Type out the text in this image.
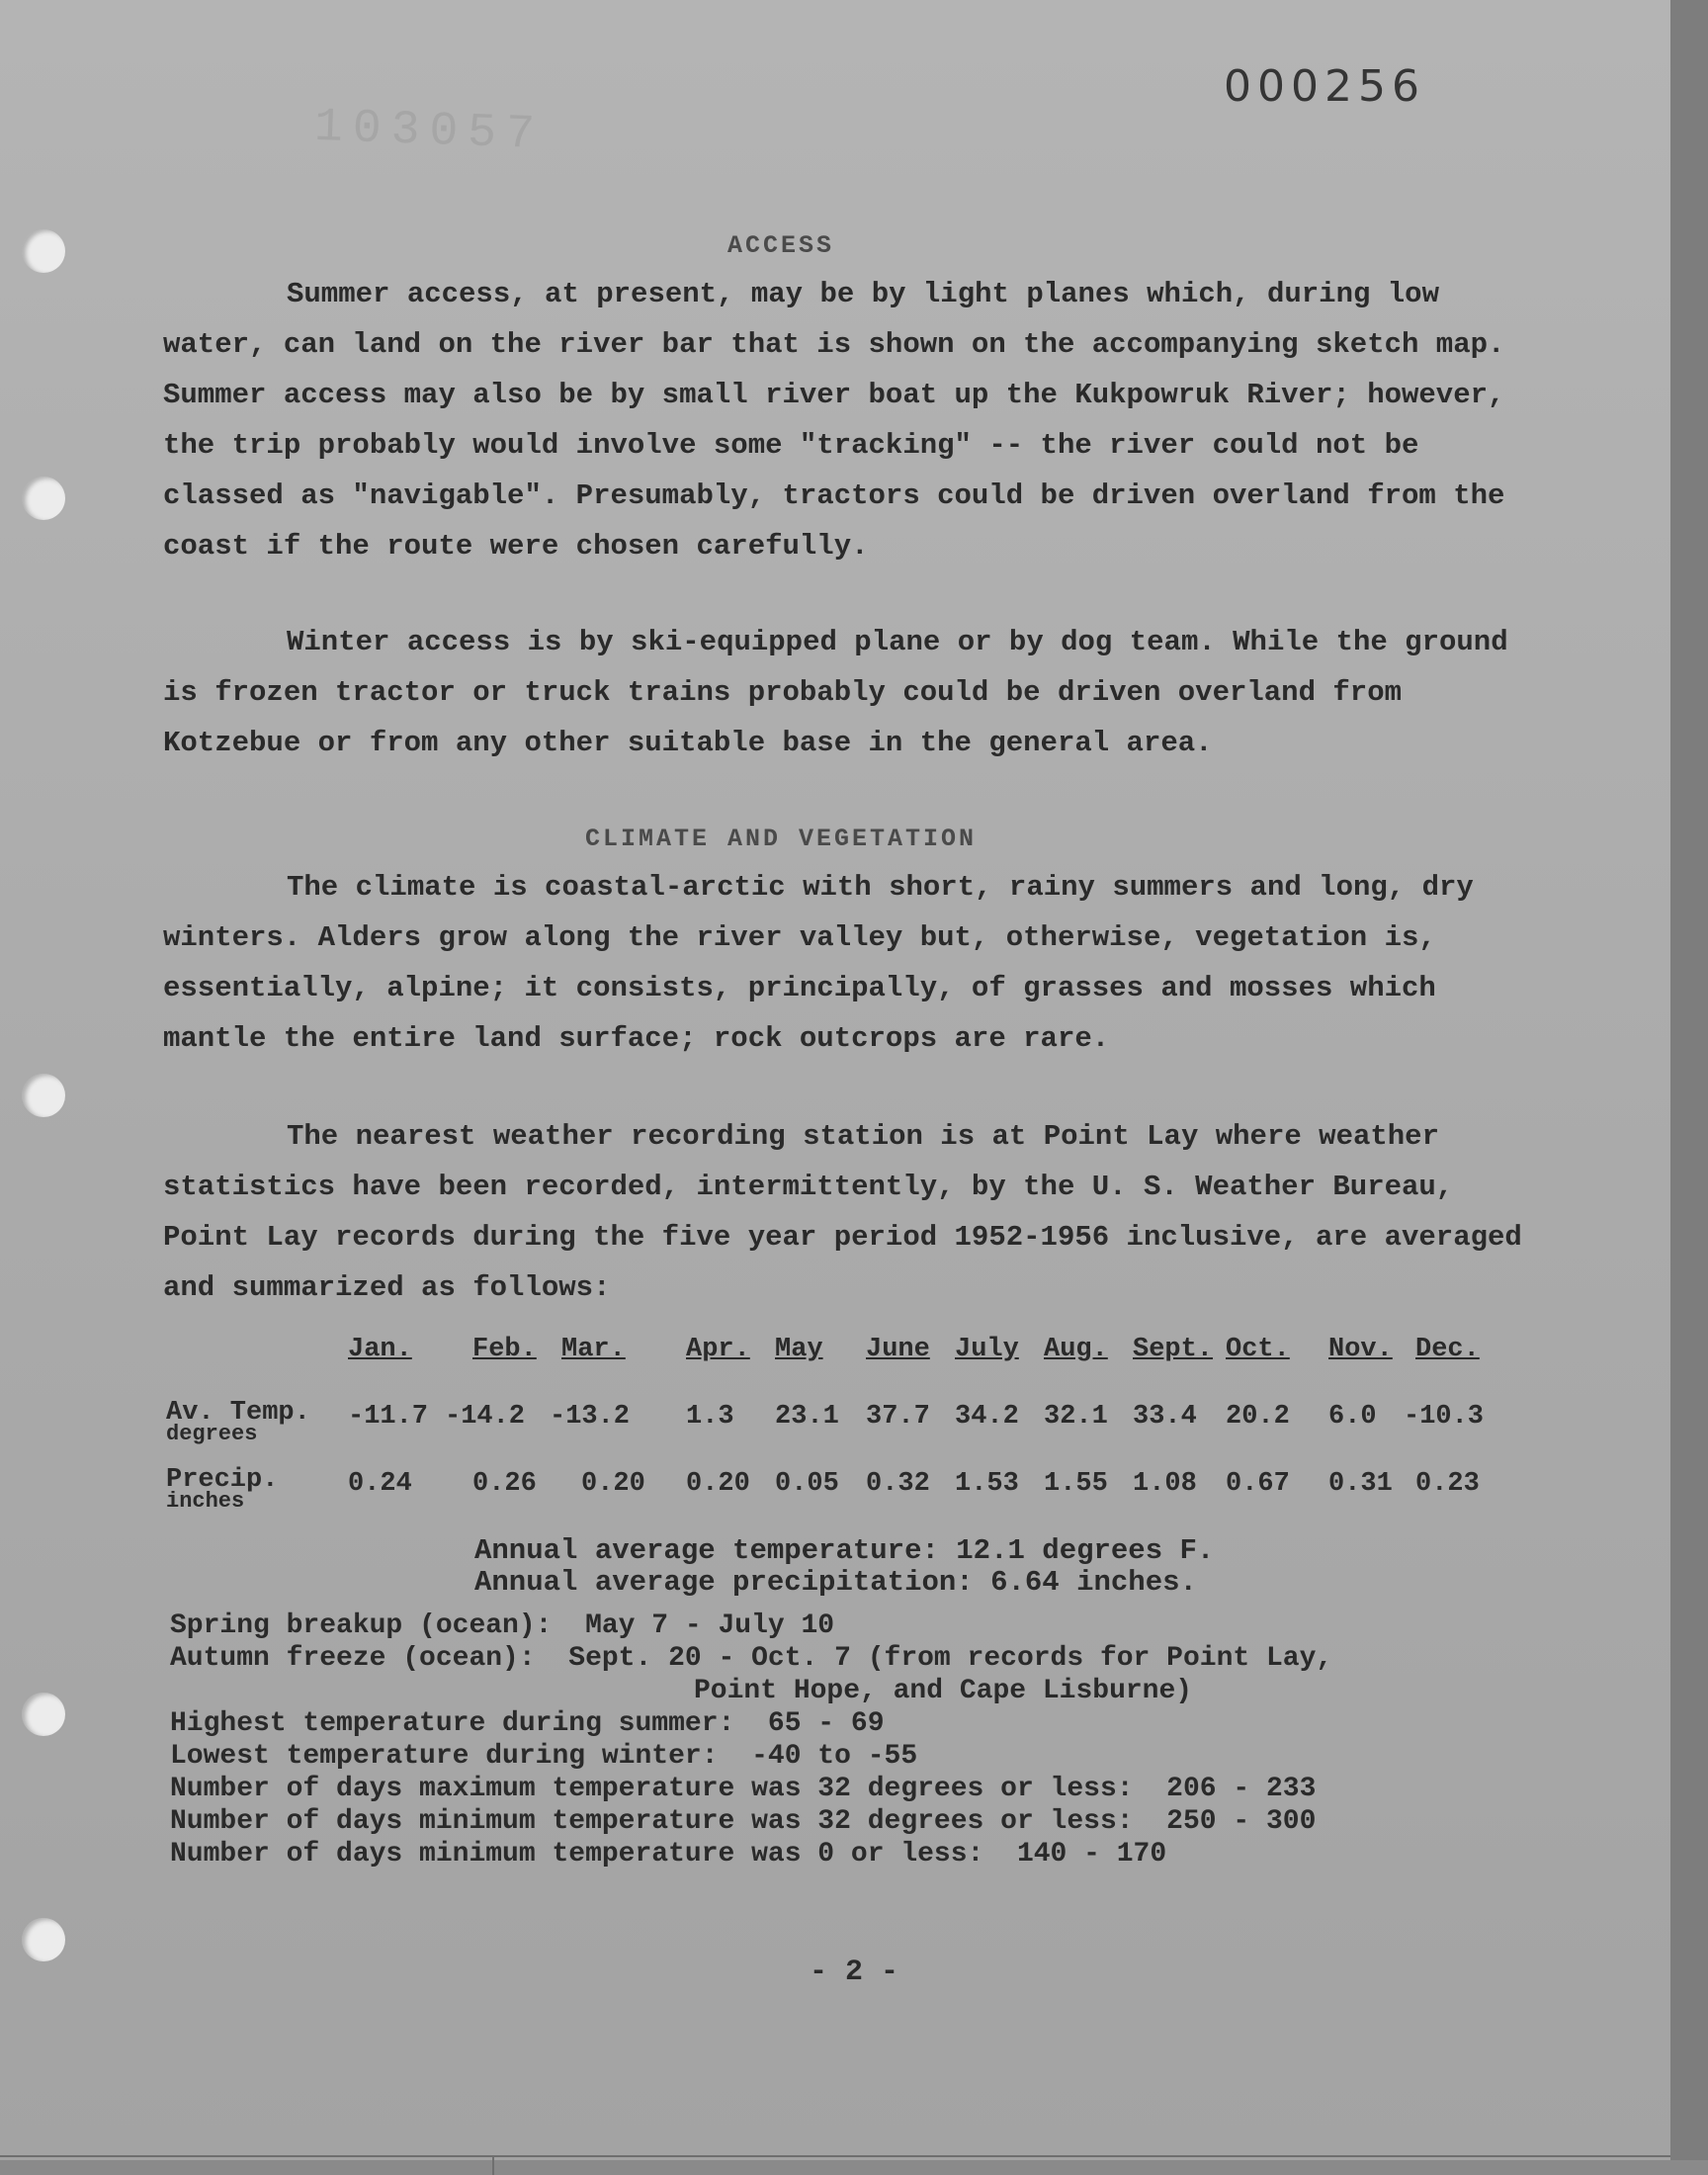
103057
000256
ACCESS

Summer access, at present, may be by light planes which, during low water, can land on the river bar that is shown on the accompanying sketch map. Summer access may also be by small river boat up the Kukpowruk River; however, the trip probably would involve some "tracking" -- the river could not be classed as "navigable". Presumably, tractors could be driven overland from the coast if the route were chosen carefully.

Winter access is by ski-equipped plane or by dog team. While the ground is frozen tractor or truck trains probably could be driven overland from Kotzebue or from any other suitable base in the general area.

CLIMATE AND VEGETATION

The climate is coastal-arctic with short, rainy summers and long, dry winters. Alders grow along the river valley but, otherwise, vegetation is, essentially, alpine; it consists, principally, of grasses and mosses which mantle the entire land surface; rock outcrops are rare.

The nearest weather recording station is at Point Lay where weather statistics have been recorded, intermittently, by the U. S. Weather Bureau, Point Lay records during the five year period 1952-1956 inclusive, are averaged and summarized as follows:

Jan. Feb. Mar. Apr. May June July Aug. Sept. Oct. Nov. Dec.
Av. Temp.
degrees
-11.7 -14.2 -13.2 1.3 23.1 37.7 34.2 32.1 33.4 20.2 6.0 -10.3
Precip.
inches
0.24 0.26 0.20 0.20 0.05 0.32 1.53 1.55 1.08 0.67 0.31 0.23
Annual average temperature: 12.1 degrees F.
Annual average precipitation: 6.64 inches.
Spring breakup (ocean):  May 7 - July 10
Autumn freeze (ocean):  Sept. 20 - Oct. 7 (from records for Point Lay,
Point Hope, and Cape Lisburne)
Highest temperature during summer:  65 - 69
Lowest temperature during winter:  -40 to -55
Number of days maximum temperature was 32 degrees or less:  206 - 233
Number of days minimum temperature was 32 degrees or less:  250 - 300
Number of days minimum temperature was 0 or less:  140 - 170
- 2 -
